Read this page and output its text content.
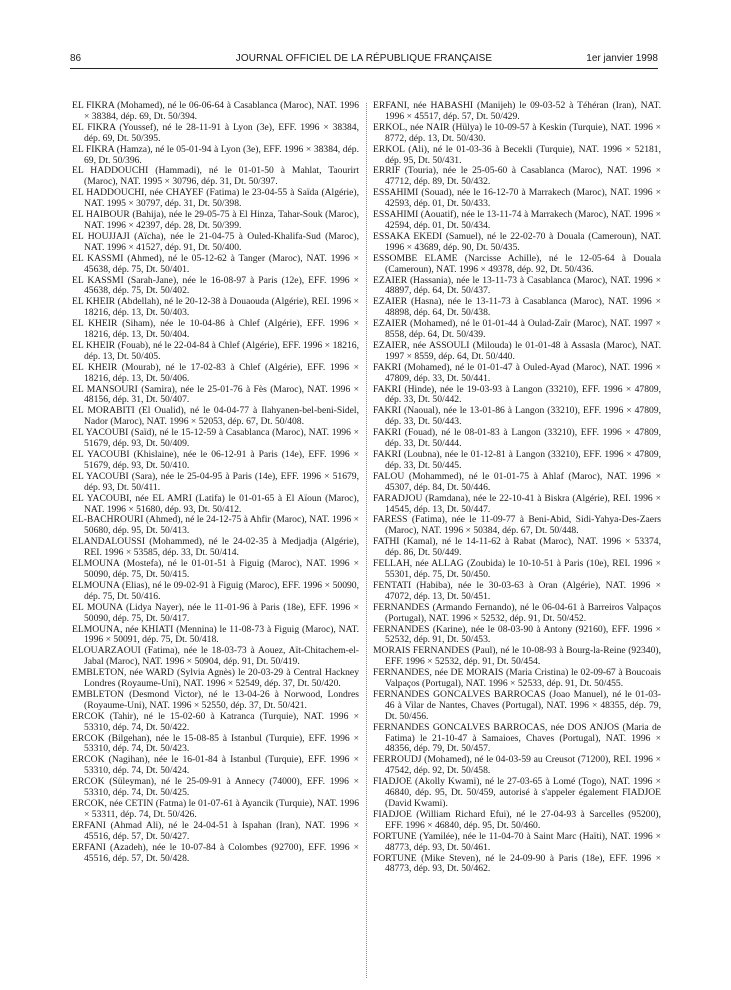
86	JOURNAL OFFICIEL DE LA RÉPUBLIQUE FRANÇAISE	1er janvier 1998

EL FIKRA (Mohamed), né le 06-06-64 à Casablanca (Maroc), NAT. 1996 × 38384, dép. 69, Dt. 50/394.

EL FIKRA (Youssef), né le 28-11-91 à Lyon (3e), EFF. 1996 × 38384, dép. 69, Dt. 50/395.

EL FIKRA (Hamza), né le 05-01-94 à Lyon (3e), EFF. 1996 × 38384, dép. 69, Dt. 50/396.

EL HADDOUCHI (Hammadi), né le 01-01-50 à Mahlat, Taourirt (Maroc), NAT. 1995 × 30796, dép. 31, Dt. 50/397.

EL HADDOUCHI, née CHAYEF (Fatima) le 23-04-55 à Saïda (Algérie), NAT. 1995 × 30797, dép. 31, Dt. 50/398.

EL HAIBOUR (Bahija), née le 29-05-75 à El Hinza, Tahar-Souk (Maroc), NAT. 1996 × 42397, dép. 28, Dt. 50/399.

EL HOUJJAJI (Aïcha), née le 21-04-75 à Ouled-Khalifa-Sud (Maroc), NAT. 1996 × 41527, dép. 91, Dt. 50/400.

EL KASSMI (Ahmed), né le 05-12-62 à Tanger (Maroc), NAT. 1996 × 45638, dép. 75, Dt. 50/401.

EL KASSMI (Sarah-Jane), née le 16-08-97 à Paris (12e), EFF. 1996 × 45638, dép. 75, Dt. 50/402.

EL KHEIR (Abdellah), né le 20-12-38 à Douaouda (Algérie), REI. 1996 × 18216, dép. 13, Dt. 50/403.

EL KHEIR (Siham), née le 10-04-86 à Chlef (Algérie), EFF. 1996 × 18216, dép. 13, Dt. 50/404.

EL KHEIR (Fouab), né le 22-04-84 à Chlef (Algérie), EFF. 1996 × 18216, dép. 13, Dt. 50/405.

EL KHEIR (Mourab), né le 17-02-83 à Chlef (Algérie), EFF. 1996 × 18216, dép. 13, Dt. 50/406.

EL MANSOURI (Samira), née le 25-01-76 à Fès (Maroc), NAT. 1996 × 48156, dép. 31, Dt. 50/407.

EL MORABITI (El Oualid), né le 04-04-77 à Ilahyanen-bel-beni-Sidel, Nador (Maroc), NAT. 1996 × 52053, dép. 67, Dt. 50/408.

EL YACOUBI (Saïd), né le 15-12-59 à Casablanca (Maroc), NAT. 1996 × 51679, dép. 93, Dt. 50/409.

EL YACOUBI (Khislaine), née le 06-12-91 à Paris (14e), EFF. 1996 × 51679, dép. 93, Dt. 50/410.

EL YACOUBI (Sara), née le 25-04-95 à Paris (14e), EFF. 1996 × 51679, dép. 93, Dt. 50/411.

EL YACOUBI, née EL AMRI (Latifa) le 01-01-65 à El Aïoun (Maroc), NAT. 1996 × 51680, dép. 93, Dt. 50/412.

EL-BACHROURI (Ahmed), né le 24-12-75 à Ahfir (Maroc), NAT. 1996 × 50680, dép. 95, Dt. 50/413.

ELANDALOUSSI (Mohammed), né le 24-02-35 à Medjadja (Algérie), REI. 1996 × 53585, dép. 33, Dt. 50/414.

ELMOUNA (Mostefa), né le 01-01-51 à Figuig (Maroc), NAT. 1996 × 50090, dép. 75, Dt. 50/415.

ELMOUNA (Elias), né le 09-02-91 à Figuig (Maroc), EFF. 1996 × 50090, dép. 75, Dt. 50/416.

EL MOUNA (Lidya Nayer), née le 11-01-96 à Paris (18e), EFF. 1996 × 50090, dép. 75, Dt. 50/417.

ELMOUNA, née KHIATI (Mennina) le 11-08-73 à Figuig (Maroc), NAT. 1996 × 50091, dép. 75, Dt. 50/418.

ELOUARZAOUI (Fatima), née le 18-03-73 à Aouez, Aït-Chitachem-el-Jabal (Maroc), NAT. 1996 × 50904, dép. 91, Dt. 50/419.

EMBLETON, née WARD (Sylvia Agnès) le 20-03-29 à Central Hackney Londres (Royaume-Uni), NAT. 1996 × 52549, dép. 37, Dt. 50/420.

EMBLETON (Desmond Victor), né le 13-04-26 à Norwood, Londres (Royaume-Uni), NAT. 1996 × 52550, dép. 37, Dt. 50/421.

ERCOK (Tahir), né le 15-02-60 à Katranca (Turquie), NAT. 1996 × 53310, dép. 74, Dt. 50/422.

ERCOK (Bilgehan), née le 15-08-85 à Istanbul (Turquie), EFF. 1996 × 53310, dép. 74, Dt. 50/423.

ERCOK (Nagihan), née le 16-01-84 à Istanbul (Turquie), EFF. 1996 × 53310, dép. 74, Dt. 50/424.

ERCOK (Süleyman), né le 25-09-91 à Annecy (74000), EFF. 1996 × 53310, dép. 74, Dt. 50/425.

ERCOK, née CETIN (Fatma) le 01-07-61 à Ayancik (Turquie), NAT. 1996 × 53311, dép. 74, Dt. 50/426.

ERFANI (Ahmad Ali), né le 24-04-51 à Ispahan (Iran), NAT. 1996 × 45516, dép. 57, Dt. 50/427.

ERFANI (Azadeh), née le 10-07-84 à Colombes (92700), EFF. 1996 × 45516, dép. 57, Dt. 50/428.

ERFANI, née HABASHI (Manijeh) le 09-03-52 à Téhéran (Iran), NAT. 1996 × 45517, dép. 57, Dt. 50/429.

ERKOL, née NAIR (Hülya) le 10-09-57 à Keskin (Turquie), NAT. 1996 × 8772, dép. 13, Dt. 50/430.

ERKOL (Ali), né le 01-03-36 à Becekli (Turquie), NAT. 1996 × 52181, dép. 95, Dt. 50/431.

ERRIF (Touria), née le 25-05-60 à Casablanca (Maroc), NAT. 1996 × 47712, dép. 89, Dt. 50/432.

ESSAHIMI (Souad), née le 16-12-70 à Marrakech (Maroc), NAT. 1996 × 42593, dép. 01, Dt. 50/433.

ESSAHIMI (Aouatif), née le 13-11-74 à Marrakech (Maroc), NAT. 1996 × 42594, dép. 01, Dt. 50/434.

ESSAKA EKEDI (Samuel), né le 22-02-70 à Douala (Cameroun), NAT. 1996 × 43689, dép. 90, Dt. 50/435.

ESSOMBE ELAME (Narcisse Achille), né le 12-05-64 à Douala (Cameroun), NAT. 1996 × 49378, dép. 92, Dt. 50/436.

EZAIER (Hassania), née le 13-11-73 à Casablanca (Maroc), NAT. 1996 × 48897, dép. 64, Dt. 50/437.

EZAIER (Hasna), née le 13-11-73 à Casablanca (Maroc), NAT. 1996 × 48898, dép. 64, Dt. 50/438.

EZAIER (Mohamed), né le 01-01-44 à Oulad-Zaïr (Maroc), NAT. 1997 × 8558, dép. 64, Dt. 50/439.

EZAIER, née ASSOULI (Miloudа) le 01-01-48 à Assasla (Maroc), NAT. 1997 × 8559, dép. 64, Dt. 50/440.

FAKRI (Mohamed), né le 01-01-47 à Ouled-Ayad (Maroc), NAT. 1996 × 47809, dép. 33, Dt. 50/441.

FAKRI (Hinde), née le 19-03-93 à Langon (33210), EFF. 1996 × 47809, dép. 33, Dt. 50/442.

FAKRI (Naoual), née le 13-01-86 à Langon (33210), EFF. 1996 × 47809, dép. 33, Dt. 50/443.

FAKRI (Fouad), né le 08-01-83 à Langon (33210), EFF. 1996 × 47809, dép. 33, Dt. 50/444.

FAKRI (Loubna), née le 01-12-81 à Langon (33210), EFF. 1996 × 47809, dép. 33, Dt. 50/445.

FALOU (Mohammed), né le 01-01-75 à Ahlaf (Maroc), NAT. 1996 × 45307, dép. 84, Dt. 50/446.

FARADJOU (Ramdana), née le 22-10-41 à Biskra (Algérie), REI. 1996 × 14545, dép. 13, Dt. 50/447.

FARESS (Fatima), née le 11-09-77 à Beni-Abid, Sidi-Yahya-Des-Zaers (Maroc), NAT. 1996 × 50384, dép. 67, Dt. 50/448.

FATHI (Kamal), né le 14-11-62 à Rabat (Maroc), NAT. 1996 × 53374, dép. 86, Dt. 50/449.

FELLAH, née ALLAG (Zoubida) le 10-10-51 à Paris (10e), REI. 1996 × 55301, dép. 75, Dt. 50/450.

FENTATI (Habiba), née le 30-03-63 à Oran (Algérie), NAT. 1996 × 47072, dép. 13, Dt. 50/451.

FERNANDES (Armando Fernando), né le 06-04-61 à Barreiros Valpaços (Portugal), NAT. 1996 × 52532, dép. 91, Dt. 50/452.

FERNANDES (Karine), née le 08-03-90 à Antony (92160), EFF. 1996 × 52532, dép. 91, Dt. 50/453.

MORAIS FERNANDES (Paul), né le 10-08-93 à Bourg-la-Reine (92340), EFF. 1996 × 52532, dép. 91, Dt. 50/454.

FERNANDES, née DE MORAIS (Maria Cristina) le 02-09-67 à Boucoais Valpaços (Portugal), NAT. 1996 × 52533, dép. 91, Dt. 50/455.

FERNANDES GONCALVES BARROCAS (Joao Manuel), né le 01-03-46 à Vilar de Nantes, Chaves (Portugal), NAT. 1996 × 48355, dép. 79, Dt. 50/456.

FERNANDES GONCALVES BARROCAS, née DOS ANJOS (Maria de Fatima) le 21-10-47 à Samaioes, Chaves (Portugal), NAT. 1996 × 48356, dép. 79, Dt. 50/457.

FERROUDJ (Mohamed), né le 04-03-59 au Creusot (71200), REI. 1996 × 47542, dép. 92, Dt. 50/458.

FIADJOE (Akolly Kwami), né le 27-03-65 à Lomé (Togo), NAT. 1996 × 46840, dép. 95, Dt. 50/459, autorisé à s'appeler également FIADJOE (David Kwami).

FIADJOE (William Richard Efui), né le 27-04-93 à Sarcelles (95200), EFF. 1996 × 46840, dép. 95, Dt. 50/460.

FORTUNE (Yamilée), née le 11-04-70 à Saint Marc (Haïti), NAT. 1996 × 48773, dép. 93, Dt. 50/461.

FORTUNE (Mike Steven), né le 24-09-90 à Paris (18e), EFF. 1996 × 48773, dép. 93, Dt. 50/462.
